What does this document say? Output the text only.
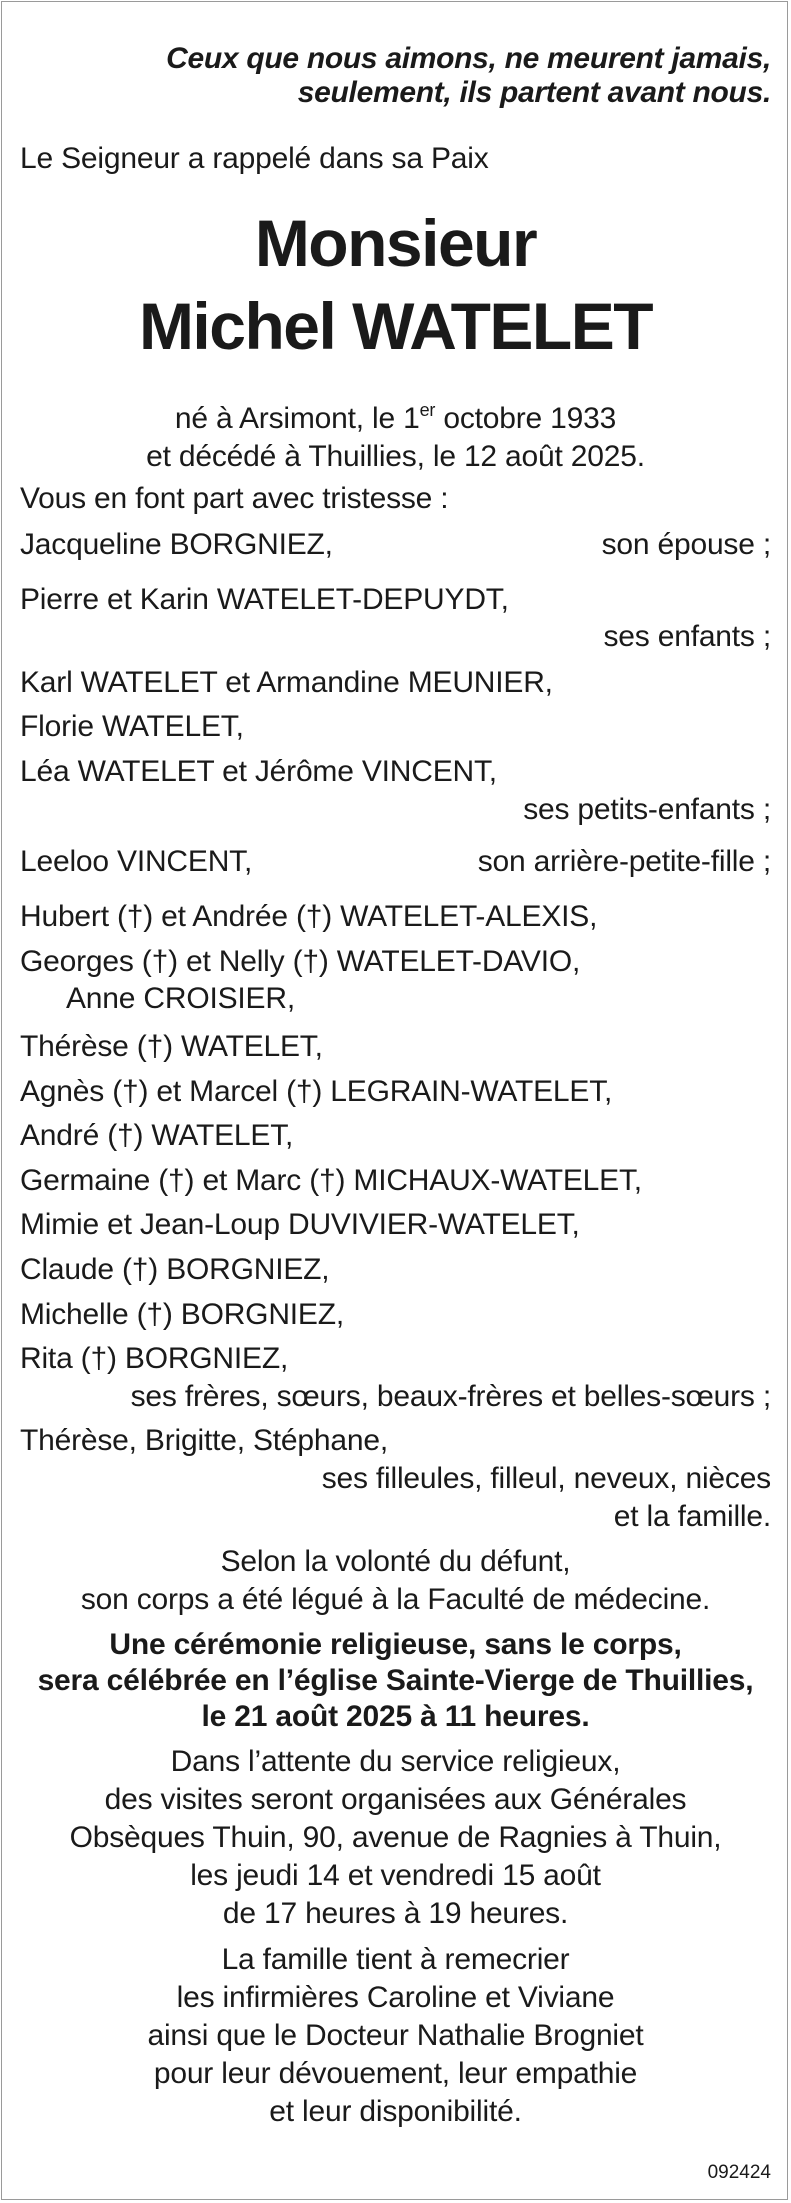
Ceux que nous aimons, ne meurent jamais,
seulement, ils partent avant nous.
Le Seigneur a rappelé dans sa Paix
Monsieur
Michel WATELET
né à Arsimont, le 1er octobre 1933
et décédé à Thuillies, le 12 août 2025.
Vous en font part avec tristesse :
Jacqueline BORGNIEZ,	son épouse ;
Pierre et Karin WATELET-DEPUYDT,
ses enfants ;
Karl WATELET et Armandine MEUNIER,
Florie WATELET,
Léa WATELET et Jérôme VINCENT,
ses petits-enfants ;
Leeloo VINCENT,	son arrière-petite-fille ;
Hubert (†) et Andrée (†) WATELET-ALEXIS,
Georges (†) et Nelly (†) WATELET-DAVIO,
Anne CROISIER,
Thérèse (†) WATELET,
Agnès (†) et Marcel (†) LEGRAIN-WATELET,
André (†) WATELET,
Germaine (†) et Marc (†) MICHAUX-WATELET,
Mimie et Jean-Loup DUVIVIER-WATELET,
Claude (†) BORGNIEZ,
Michelle (†) BORGNIEZ,
Rita (†) BORGNIEZ,
ses frères, sœurs, beaux-frères et belles-sœurs ;
Thérèse, Brigitte, Stéphane,
ses filleules, filleul, neveux, nièces
et la famille.
Selon la volonté du défunt,
son corps a été légué à la Faculté de médecine.
Une cérémonie religieuse, sans le corps,
sera célébrée en l’église Sainte-Vierge de Thuillies,
le 21 août 2025 à 11 heures.
Dans l’attente du service religieux,
des visites seront organisées aux Générales
Obsèques Thuin, 90, avenue de Ragnies à Thuin,
les jeudi 14 et vendredi 15 août
de 17 heures à 19 heures.
La famille tient à remecrier
les infirmières Caroline et Viviane
ainsi que le Docteur Nathalie Brogniet
pour leur dévouement, leur empathie
et leur disponibilité.
092424
